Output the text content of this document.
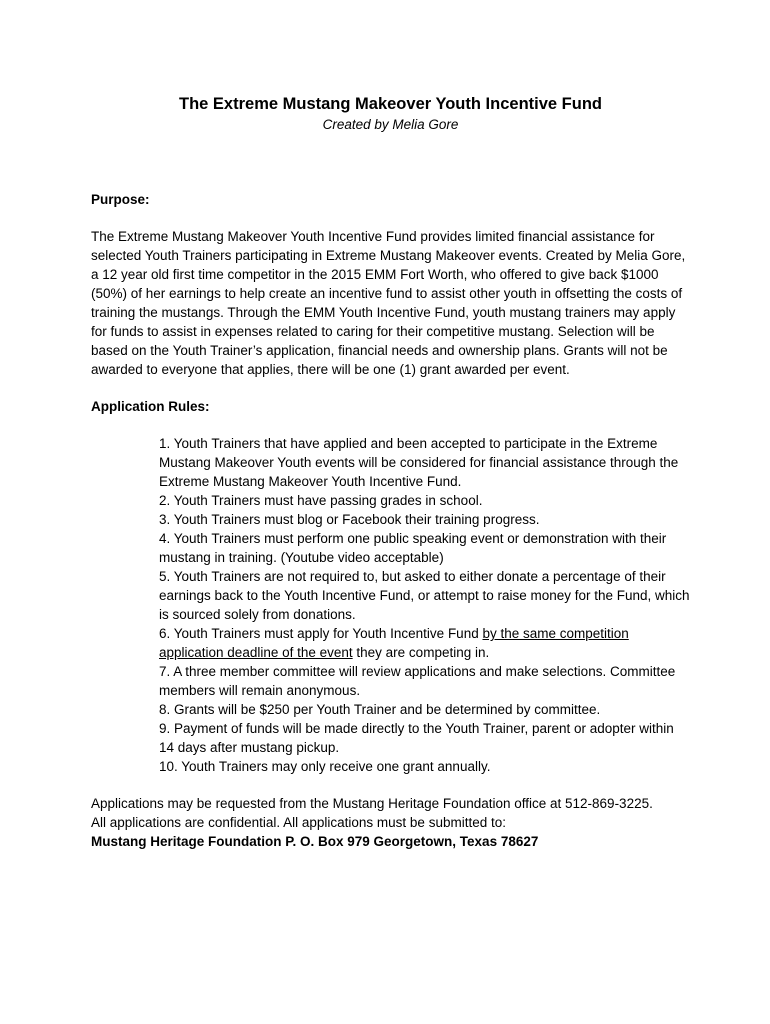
The Extreme Mustang Makeover Youth Incentive Fund

Created by Melia Gore

Purpose:

The Extreme Mustang Makeover Youth Incentive Fund provides limited financial assistance for selected Youth Trainers participating in Extreme Mustang Makeover events. Created by Melia Gore, a 12 year old first time competitor in the 2015 EMM Fort Worth, who offered to give back $1000 (50%) of her earnings to help create an incentive fund to assist other youth in offsetting the costs of training the mustangs. Through the EMM Youth Incentive Fund, youth mustang trainers may apply for funds to assist in expenses related to caring for their competitive mustang. Selection will be based on the Youth Trainer’s application, financial needs and ownership plans. Grants will not be awarded to everyone that applies, there will be one (1) grant awarded per event.

Application Rules:

1. Youth Trainers that have applied and been accepted to participate in the Extreme Mustang Makeover Youth events will be considered for financial assistance through the Extreme Mustang Makeover Youth Incentive Fund.
2. Youth Trainers must have passing grades in school.
3. Youth Trainers must blog or Facebook their training progress.
4. Youth Trainers must perform one public speaking event or demonstration with their mustang in training. (Youtube video acceptable)
5. Youth Trainers are not required to, but asked to either donate a percentage of their earnings back to the Youth Incentive Fund, or attempt to raise money for the Fund, which is sourced solely from donations.
6. Youth Trainers must apply for Youth Incentive Fund by the same competition application deadline of the event they are competing in.
7. A three member committee will review applications and make selections. Committee members will remain anonymous.
8. Grants will be $250 per Youth Trainer and be determined by committee.
9. Payment of funds will be made directly to the Youth Trainer, parent or adopter within 14 days after mustang pickup.
10. Youth Trainers may only receive one grant annually.

Applications may be requested from the Mustang Heritage Foundation office at 512-869-3225.

All applications are confidential. All applications must be submitted to:

Mustang Heritage Foundation P. O. Box 979 Georgetown, Texas 78627
